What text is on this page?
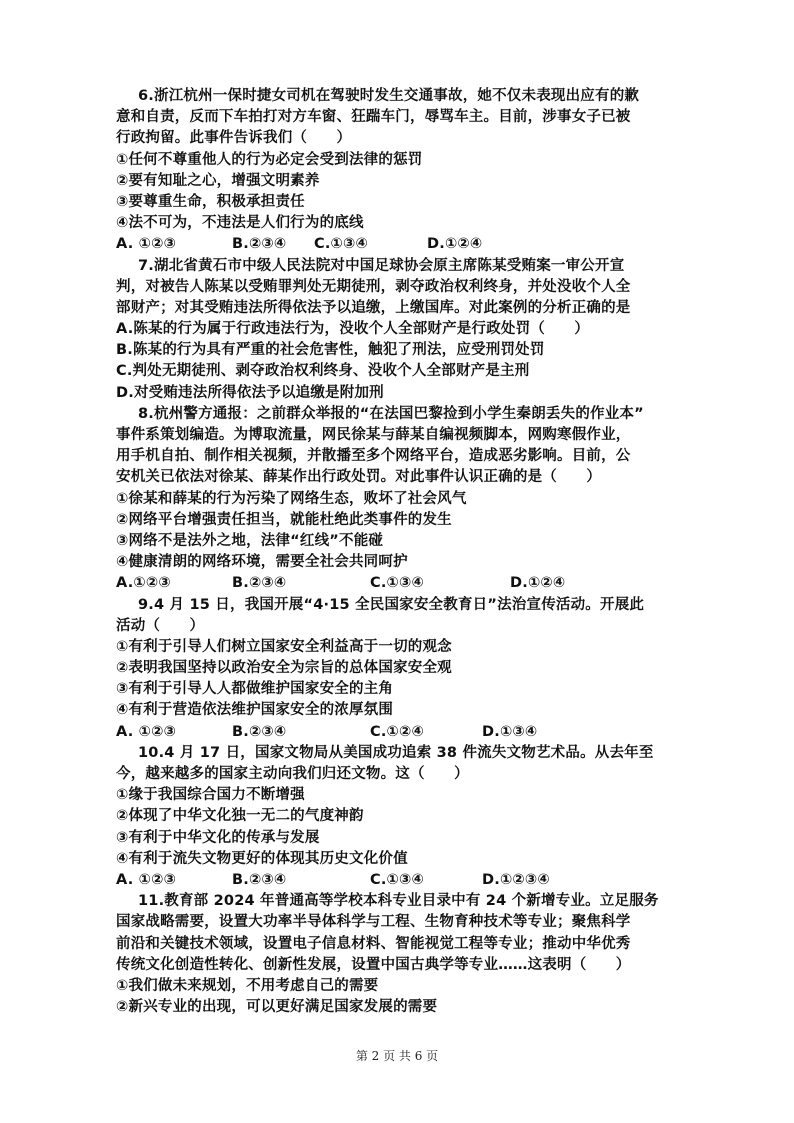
6.浙江杭州一保时捷女司机在驾驶时发生交通事故，她不仅未表现出应有的歉
意和自责，反而下车拍打对方车窗、狂踹车门，辱骂车主。目前，涉事女子已被
行政拘留。此事件告诉我们（　　）
①任何不尊重他人的行为必定会受到法律的惩罚
②要有知耻之心，增强文明素养
③要尊重生命，积极承担责任
④法不可为，不违法是人们行为的底线
A. ①②③	B.②③④ C.①③④	D.①②④
7.湖北省黄石市中级人民法院对中国足球协会原主席陈某受贿案一审公开宣
判，对被告人陈某以受贿罪判处无期徒刑，剥夺政治权利终身，并处没收个人全
部财产；对其受贿违法所得依法予以追缴，上缴国库。对此案例的分析正确的是
A.陈某的行为属于行政违法行为，没收个人全部财产是行政处罚（　　）
B.陈某的行为具有严重的社会危害性，触犯了刑法，应受刑罚处罚
C.判处无期徒刑、剥夺政治权利终身、没收个人全部财产是主刑
D.对受贿违法所得依法予以追缴是附加刑
8.杭州警方通报：之前群众举报的“在法国巴黎捡到小学生秦朗丢失的作业本”
事件系策划编造。为博取流量，网民徐某与薛某自编视频脚本，网购寒假作业，
用手机自拍、制作相关视频，并散播至多个网络平台，造成恶劣影响。目前，公
安机关已依法对徐某、薛某作出行政处罚。对此事件认识正确的是（　　）
①徐某和薛某的行为污染了网络生态，败坏了社会风气
②网络平台增强责任担当，就能杜绝此类事件的发生
③网络不是法外之地，法律“红线”不能碰
④健康清朗的网络环境，需要全社会共同呵护
A.①②③	B.②③④	C.①③④	D.①②④
9.4 月 15 日，我国开展“4·15 全民国家安全教育日”法治宣传活动。开展此
活动（　　）
①有利于引导人们树立国家安全利益高于一切的观念
②表明我国坚持以政治安全为宗旨的总体国家安全观
③有利于引导人人都做维护国家安全的主角
④有利于营造依法维护国家安全的浓厚氛围
A. ①②③	B.②③④	C.①②④	D.①③④
10.4 月 17 日，国家文物局从美国成功追索 38 件流失文物艺术品。从去年至
今，越来越多的国家主动向我们归还文物。这（　　）
①缘于我国综合国力不断增强
②体现了中华文化独一无二的气度神韵
③有利于中华文化的传承与发展
④有利于流失文物更好的体现其历史文化价值
A. ①②③	B.②③④	C.①③④	D.①②③④
11.教育部 2024 年普通高等学校本科专业目录中有 24 个新增专业。立足服务
国家战略需要，设置大功率半导体科学与工程、生物育种技术等专业；聚焦科学
前沿和关键技术领域，设置电子信息材料、智能视觉工程等专业；推动中华优秀
传统文化创造性转化、创新性发展，设置中国古典学等专业……这表明（　　）
①我们做未来规划，不用考虑自己的需要
②新兴专业的出现，可以更好满足国家发展的需要
第 2 页 共 6 页
